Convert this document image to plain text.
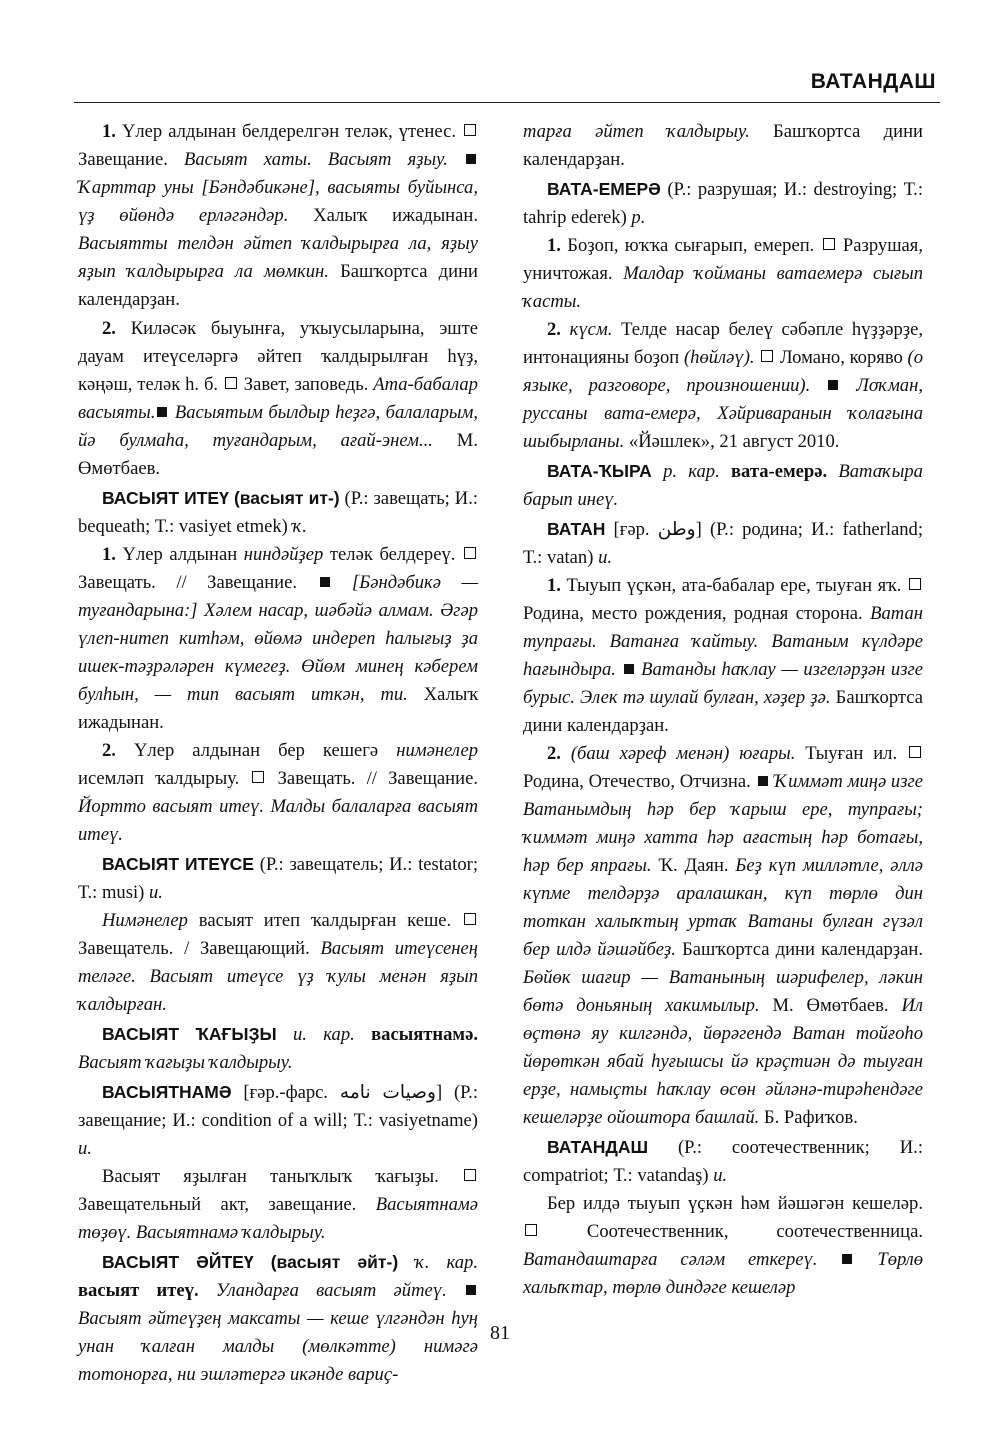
ВАТАНДАШ

1. Үлер алдынан белдерелгән теләк, үтенес.  Завещание. Васыят хаты. Васыят яҙыу.  Ҡарттар уны [Бәндәбикәне], васыяты буйынса, үҙ өйөндә ерләгәндәр. Халыҡ ижадынан. Васыятты телдән әйтеп ҡалдырырға ла, яҙыу яҙып ҡалдырырға ла мөмкин. Башҡортса дини календарҙан.

2. Киләсәк быуынға, уҡыусыларына, эште дауам итеүселәргә әйтеп ҡалдырылған һүҙ, кәңәш, теләк һ. б.  Завет, заповедь. Ата-бабалар васыяты. Васыятым былдыр һеҙгә, балаларым, йә булмаһа, туғандарым, ағай-энем... М. Өмөтбаев.

ВАСЫЯТ ИТЕҮ (васыят ит-) (Р.: завещать; И.: bequeath; Т.: vasiyet etmek) ҡ.

1. Үлер алдынан ниндәйҙер теләк белдереү.  Завещать. // Завещание.  [Бәндәбикә — туғандарына:] Хәлем насар, шәбәйә алмам. Әгәр үлеп-нитеп китһәм, өйөмә индереп һалығыҙ ҙа ишек-тәҙрәләрен күмегеҙ. Өйөм минең кәберем булһын, — тип васыят иткән, ти. Халыҡ ижадынан.

2. Үлер алдынан бер кешегә нимәнелер исемләп ҡалдырыу.  Завещать. // Завещание. Йортто васыят итеү. Малды балаларға васыят итеү.

ВАСЫЯТ ИТЕҮСЕ (Р.: завещатель; И.: testator; Т.: musi) и.

Нимәнелер васыят итеп ҡалдырған кеше.  Завещатель. / Завещающий. Васыят итеүсенең теләге. Васыят итеүсе үҙ ҡулы менән яҙып ҡалдырған.

ВАСЫЯТ ҠАҒЫҘЫ и. кар. васыятнамә. Васыят ҡағыҙы ҡалдырыу.

ВАСЫЯТНАМӘ [ғәр.-фарс. وصیات نامه] (Р.: завещание; И.: condition of a will; Т.: vasiyetname) и.

Васыят яҙылған таныҡлыҡ ҡағыҙы.  Завещательный акт, завещание. Васыятнамә төҙөү. Васыятнамә ҡалдырыу.

ВАСЫЯТ ӘЙТЕҮ (васыят әйт-) ҡ. кар. васыят итеү. Уландарға васыят әйтеү.  Васыят әйтеүҙең максаты — кеше үлгәндән һуң унан ҡалған малды (мөлкәтте) нимәгә тотонорға, ни эшләтергә икәнде вариҫ-

тарға әйтеп ҡалдырыу. Башҡортса дини календарҙан.

ВАТА-ЕМЕРӘ (Р.: разрушая; И.: destroying; Т.: tahrip ederek) р.

1. Боҙоп, юҡҡа сығарып, емереп.  Разрушая, уничтожая. Малдар ҡойманы ватаемерә сығып ҡасты.

2. күсм. Телде насар белеү сәбәпле һүҙҙәрҙе, интонацияны боҙоп (һөйләү).  Ломано, коряво (о языке, разговоре, произношении).  Лоҡман, руссаны вата-емерә, Хәйриваранын ҡолағына шыбырланы. «Йәшлек», 21 август 2010.

ВАТА-ҠЫРА р. кар. вата-емерә. Ватаҡыра барып инеү.

ВАТАН [ғәр. وطن] (Р.: родина; И.: fatherland; Т.: vatan) и.

1. Тыуып үҫкән, ата-бабалар ере, тыуған яҡ.  Родина, место рождения, родная сторона. Ватан тупрағы. Ватанға ҡайтыу. Ватаным күлдәре һағындыра.  Ватанды һаҡлау — изгеләрҙән изге бурыс. Элек тә шулай булған, хәҙер ҙә. Башҡортса дини календарҙан.

2. (баш хәреф менән) юғары. Тыуған ил.  Родина, Отечество, Отчизна.  Ҡиммәт миңә изге Ватанымдың һәр бер ҡарыш ере, тупрағы; ҡиммәт миңә хатта һәр ағастың һәр ботағы, һәр бер япрағы. Ҡ. Даян. Беҙ күп милләтле, әллә күпме телдәрҙә аралашкан, күп төрлө дин тоткан халыҡтың уртаҡ Ватаны булған гүзәл бер илдә йәшәйбеҙ. Башҡортса дини календарҙан. Бөйөк шағир — Ватанының шәрифелер, ләкин бөтә доньяның хакимылыр. М. Өмөтбаев. Ил өҫтөнә яу килгәндә, йөрәгендә Ватан тойғоһо йөрөткән ябай һуғышсы йә крәҫтиән дә тыуған ерҙе, намыҫты һаҡлау өсөн әйләнә-тирәһендәге кешеләрҙе ойоштора башлай. Б. Рафиҡов.

ВАТАНДАШ (Р.: соотечественник; И.: compatriot; Т.: vatandaş) и.

Бер илдә тыуып үҫкән һәм йәшәгән кешеләр.  Соотечественник, соотечественница. Ватандаштарға сәләм еткереү.  Төрлө халыҡтар, төрлө диндәге кешеләр

81
